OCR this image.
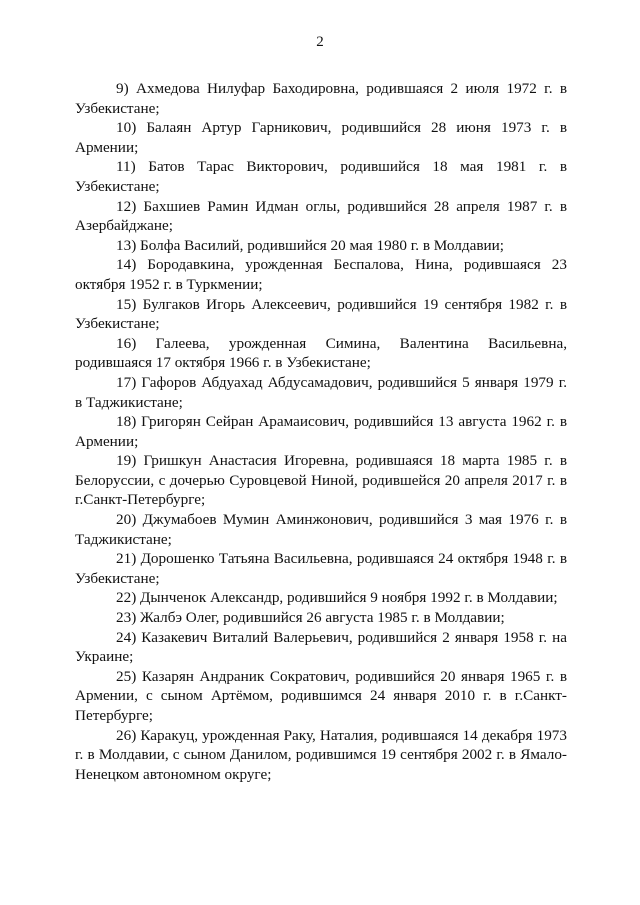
2

9) Ахмедова Нилуфар Баходировна, родившаяся 2 июля 1972 г. в Узбекистане;

10) Балаян Артур Гарникович, родившийся 28 июня 1973 г. в Армении;

11) Батов Тарас Викторович, родившийся 18 мая 1981 г. в Узбекистане;

12) Бахшиев Рамин Идман оглы, родившийся 28 апреля 1987 г. в Азербайджане;

13) Болфа Василий, родившийся 20 мая 1980 г. в Молдавии;

14) Бородавкина, урожденная Беспалова, Нина, родившаяся 23 октября 1952 г. в Туркмении;

15) Булгаков Игорь Алексеевич, родившийся 19 сентября 1982 г. в Узбекистане;

16) Галеева, урожденная Симина, Валентина Васильевна, родившаяся 17 октября 1966 г. в Узбекистане;

17) Гафоров Абдуахад Абдусамадович, родившийся 5 января 1979 г. в Таджикистане;

18) Григорян Сейран Арамаисович, родившийся 13 августа 1962 г. в Армении;

19) Гришкун Анастасия Игоревна, родившаяся 18 марта 1985 г. в Белоруссии, с дочерью Суровцевой Ниной, родившейся 20 апреля 2017 г. в г.Санкт-Петербурге;

20) Джумабоев Мумин Аминжонович, родившийся 3 мая 1976 г. в Таджикистане;

21) Дорошенко Татьяна Васильевна, родившаяся 24 октября 1948 г. в Узбекистане;

22) Дынченок Александр, родившийся 9 ноября 1992 г. в Молдавии;

23) Жалбэ Олег, родившийся 26 августа 1985 г. в Молдавии;

24) Казакевич Виталий Валерьевич, родившийся 2 января 1958 г. на Украине;

25) Казарян Андраник Сократович, родившийся 20 января 1965 г. в Армении, с сыном Артёмом, родившимся 24 января 2010 г. в г.Санкт-Петербурге;

26) Каракуц, урожденная Раку, Наталия, родившаяся 14 декабря 1973 г. в Молдавии, с сыном Данилом, родившимся 19 сентября 2002 г. в Ямало-Ненецком автономном округе;
